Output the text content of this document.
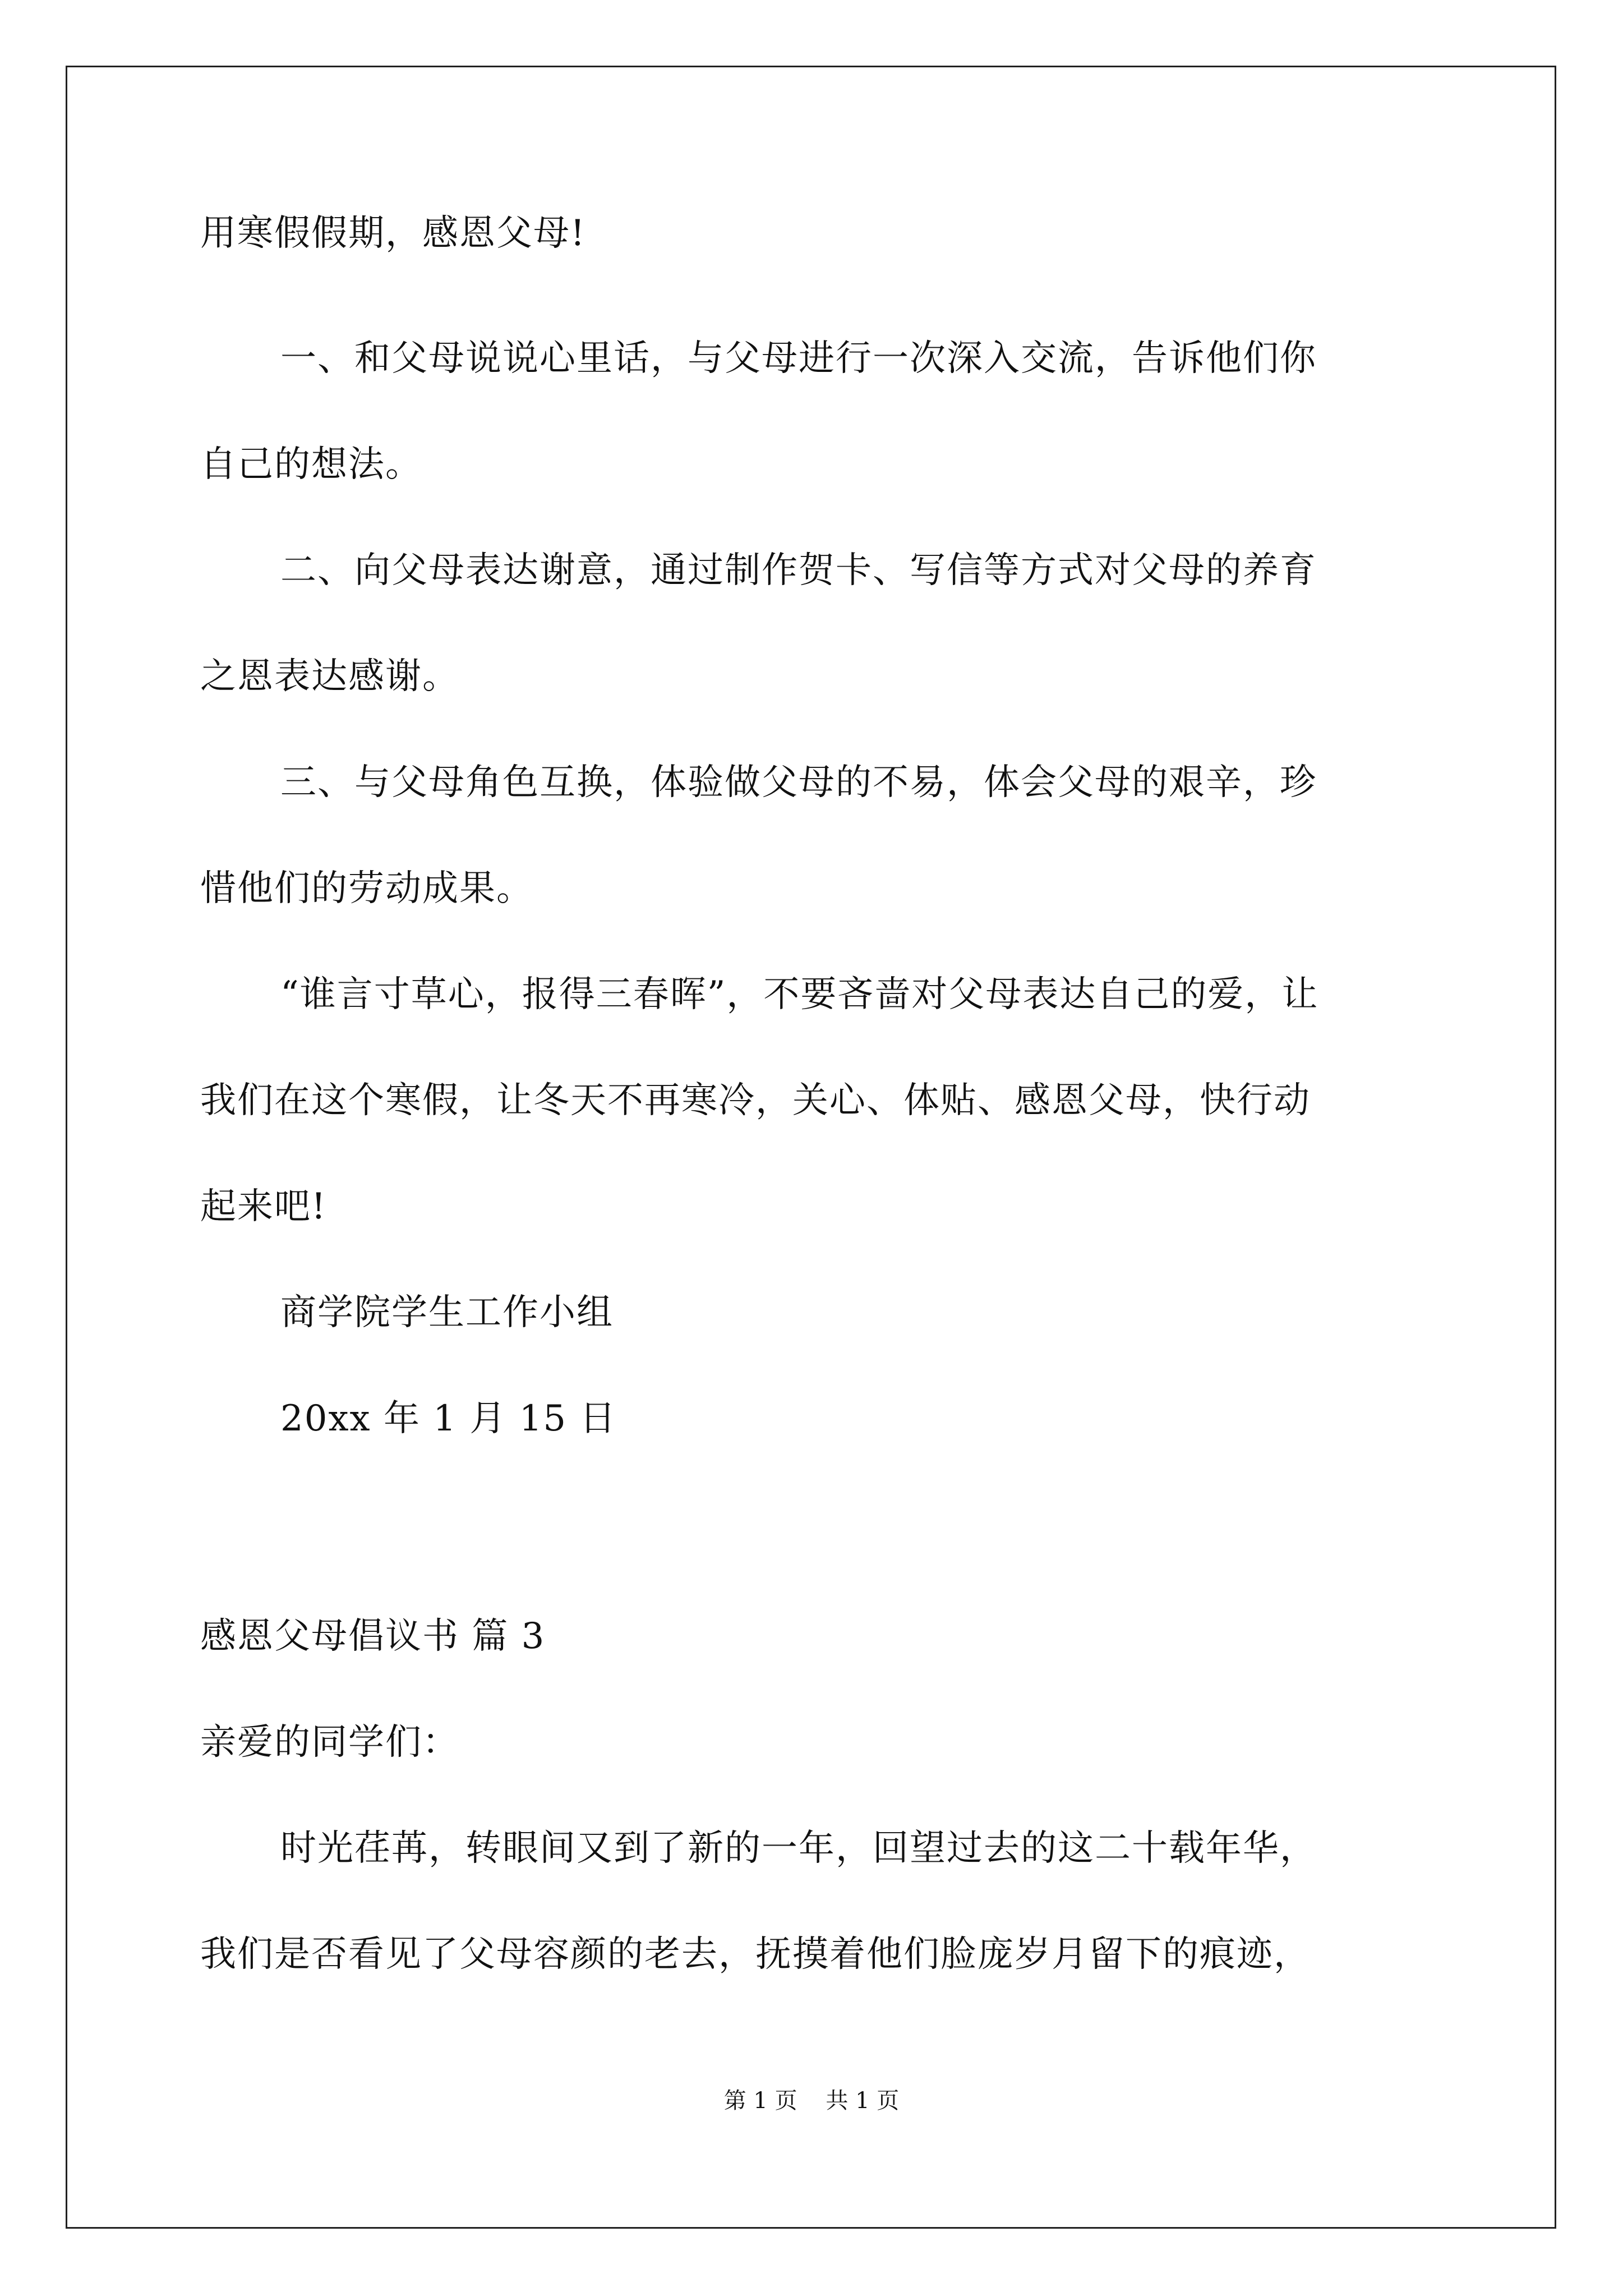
用寒假假期，感恩父母!
一、和父母说说心里话，与父母进行一次深入交流，告诉他们你
自己的想法。
二、向父母表达谢意，通过制作贺卡、写信等方式对父母的养育
之恩表达感谢。
三、与父母角色互换，体验做父母的不易，体会父母的艰辛，珍
惜他们的劳动成果。
“谁言寸草心，报得三春晖”，不要吝啬对父母表达自己的爱，让
我们在这个寒假，让冬天不再寒冷，关心、体贴、感恩父母，快行动
起来吧!
商学院学生工作小组
20xx 年 1 月 15 日
感恩父母倡议书 篇 3
亲爱的同学们：
时光荏苒，转眼间又到了新的一年，回望过去的这二十载年华，
我们是否看见了父母容颜的老去，抚摸着他们脸庞岁月留下的痕迹，
第 1 页    共 1 页
